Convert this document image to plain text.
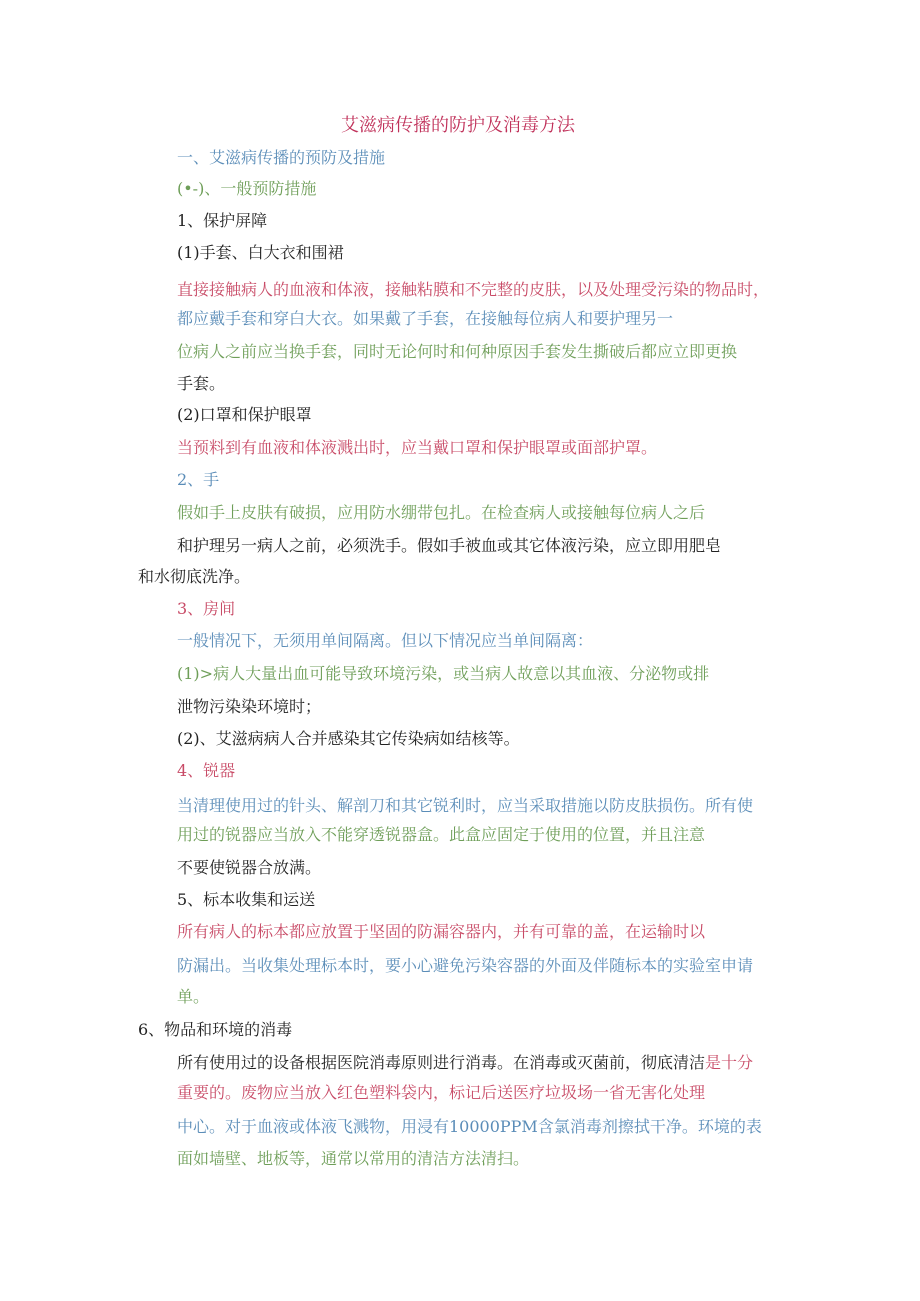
艾滋病传播的防护及消毒方法
一、艾滋病传播的预防及措施
(•-)、一般预防措施
1、保护屏障
(1)手套、白大衣和围裙
直接接触病人的血液和体液，接触粘膜和不完整的皮肤，以及处理受污染的物品时，
都应戴手套和穿白大衣。如果戴了手套，在接触每位病人和要护理另一
位病人之前应当换手套，同时无论何时和何种原因手套发生撕破后都应立即更换
手套。
(2)口罩和保护眼罩
当预料到有血液和体液溅出时，应当戴口罩和保护眼罩或面部护罩。
2、手
假如手上皮肤有破损，应用防水绷带包扎。在检查病人或接触每位病人之后
和护理另一病人之前，必须洗手。假如手被血或其它体液污染，应立即用肥皂
和水彻底洗净。
3、房间
一般情况下，无须用单间隔离。但以下情况应当单间隔离：
(1)>病人大量出血可能导致环境污染，或当病人故意以其血液、分泌物或排
泄物污染染环境时；
(2)、艾滋病病人合并感染其它传染病如结核等。
4、锐器
当清理使用过的针头、解剖刀和其它锐利时，应当采取措施以防皮肤损伤。所有使
用过的锐器应当放入不能穿透锐器盒。此盒应固定于使用的位置，并且注意
不要使锐器合放满。
5、标本收集和运送
所有病人的标本都应放置于坚固的防漏容器内，并有可靠的盖，在运输时以
防漏出。当收集处理标本时，要小心避免污染容器的外面及伴随标本的实验室申请
单。
6、物品和环境的消毒
所有使用过的设备根据医院消毒原则进行消毒。在消毒或灭菌前，彻底清洁是十分
重要的。废物应当放入红色塑料袋内，标记后送医疗垃圾场一省无害化处理
中心。对于血液或体液飞溅物，用浸有10000PPM含氯消毒剂擦拭干净。环境的表
面如墙壁、地板等，通常以常用的清洁方法清扫。
